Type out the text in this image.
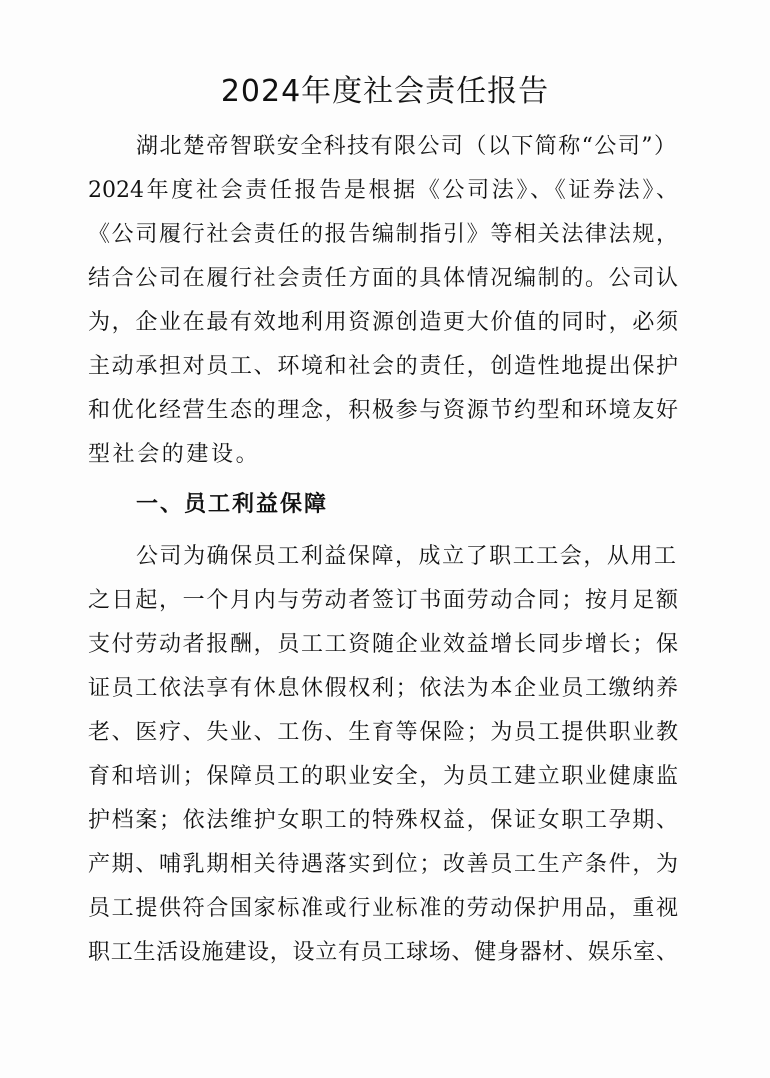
2024年度社会责任报告

湖北楚帝智联安全科技有限公司（以下简称“公司”）

2024年度社会责任报告是根据《公司法》、《证券法》、

《公司履行社会责任的报告编制指引》等相关法律法规，

结合公司在履行社会责任方面的具体情况编制的。公司认

为，企业在最有效地利用资源创造更大价值的同时，必须

主动承担对员工、环境和社会的责任，创造性地提出保护

和优化经营生态的理念，积极参与资源节约型和环境友好

型社会的建设。

一、员工利益保障

公司为确保员工利益保障，成立了职工工会，从用工

之日起，一个月内与劳动者签订书面劳动合同；按月足额

支付劳动者报酬，员工工资随企业效益增长同步增长；保

证员工依法享有休息休假权利；依法为本企业员工缴纳养

老、医疗、失业、工伤、生育等保险；为员工提供职业教

育和培训；保障员工的职业安全，为员工建立职业健康监

护档案；依法维护女职工的特殊权益，保证女职工孕期、

产期、哺乳期相关待遇落实到位；改善员工生产条件，为

员工提供符合国家标准或行业标准的劳动保护用品，重视

职工生活设施建设，设立有员工球场、健身器材、娱乐室、
